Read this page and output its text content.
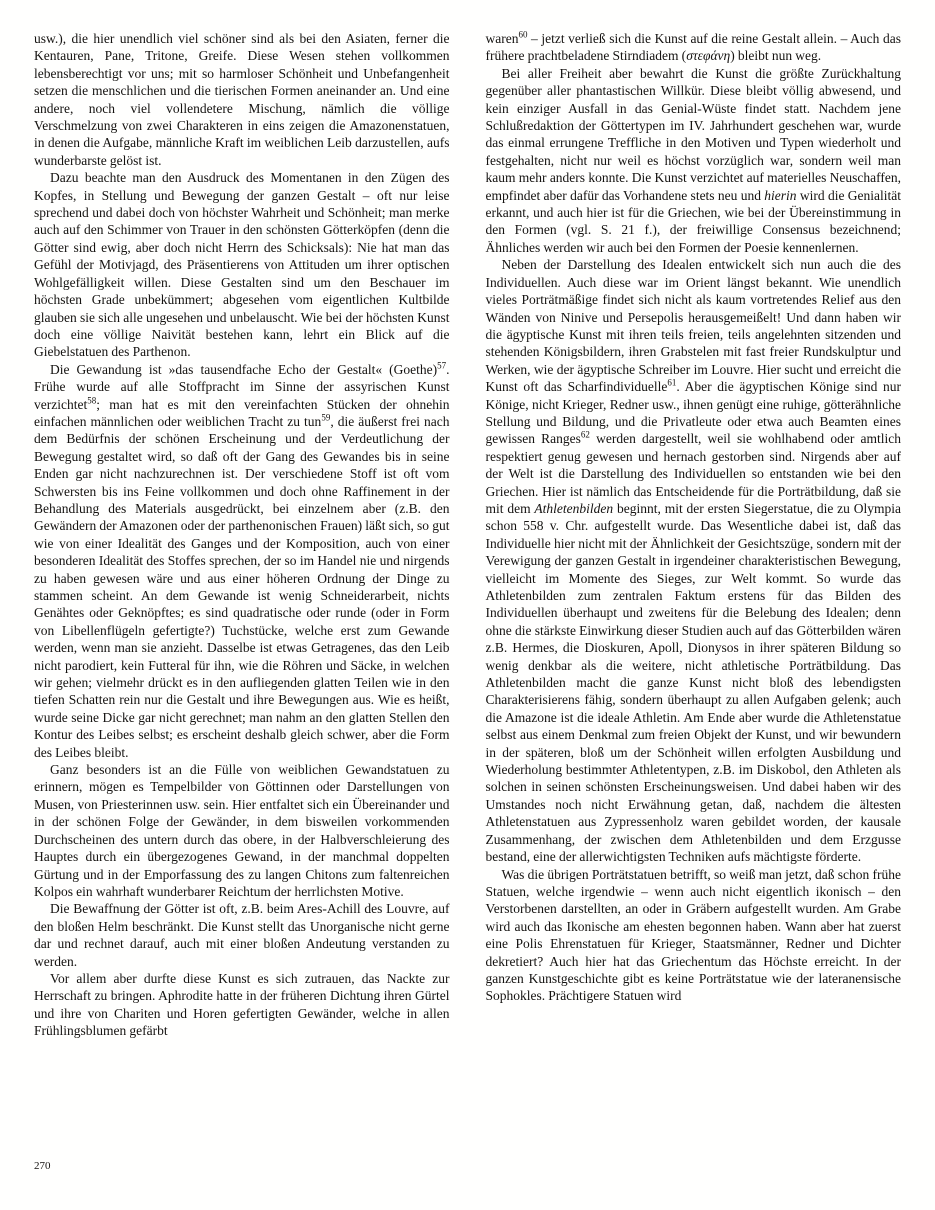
usw.), die hier unendlich viel schöner sind als bei den Asiaten, ferner die Kentauren, Pane, Tritone, Greife. Diese Wesen stehen vollkommen lebensberechtigt vor uns; mit so harmloser Schönheit und Unbefangenheit setzen die menschlichen und die tierischen Formen aneinander an. Und eine andere, noch viel vollendetere Mischung, nämlich die völlige Verschmelzung von zwei Charakteren in eins zeigen die Amazonenstatuen, in denen die Aufgabe, männliche Kraft im weiblichen Leib darzustellen, aufs wunderbarste gelöst ist.

Dazu beachte man den Ausdruck des Momentanen in den Zügen des Kopfes, in Stellung und Bewegung der ganzen Gestalt – oft nur leise sprechend und dabei doch von höchster Wahrheit und Schönheit; man merke auch auf den Schimmer von Trauer in den schönsten Götterköpfen (denn die Götter sind ewig, aber doch nicht Herrn des Schicksals): Nie hat man das Gefühl der Motivjagd, des Präsentierens von Attituden um ihrer optischen Wohlgefälligkeit willen. Diese Gestalten sind um den Beschauer im höchsten Grade unbekümmert; abgesehen vom eigentlichen Kultbilde glauben sie sich alle ungesehen und unbelauscht. Wie bei der höchsten Kunst doch eine völlige Naivität bestehen kann, lehrt ein Blick auf die Giebelstatuen des Parthenon.

Die Gewandung ist »das tausendfache Echo der Gestalt« (Goethe)$^{57}$. Frühe wurde auf alle Stoffpracht im Sinne der assyrischen Kunst verzichtet$^{58}$; man hat es mit den vereinfachten Stücken der ohnehin einfachen männlichen oder weiblichen Tracht zu tun$^{59}$, die äußerst frei nach dem Bedürfnis der schönen Erscheinung und der Verdeutlichung der Bewegung gestaltet wird, so daß oft der Gang des Gewandes bis in seine Enden gar nicht nachzurechnen ist. Der verschiedene Stoff ist oft vom Schwersten bis ins Feine vollkommen und doch ohne Raffinement in der Behandlung des Materials ausgedrückt, bei einzelnem aber (z.B. den Gewändern der Amazonen oder der parthenonischen Frauen) läßt sich, so gut wie von einer Idealität des Ganges und der Komposition, auch von einer besonderen Idealität des Stoffes sprechen, der so im Handel nie und nirgends zu haben gewesen wäre und aus einer höheren Ordnung der Dinge zu stammen scheint. An dem Gewande ist wenig Schneiderarbeit, nichts Genähtes oder Geknöpftes; es sind quadratische oder runde (oder in Form von Libellenflügeln gefertigte?) Tuchstücke, welche erst zum Gewande werden, wenn man sie anzieht. Dasselbe ist etwas Getragenes, das den Leib nicht parodiert, kein Futteral für ihn, wie die Röhren und Säcke, in welchen wir gehen; vielmehr drückt es in den aufliegenden glatten Teilen wie in den tiefen Schatten rein nur die Gestalt und ihre Bewegungen aus. Wie es heißt, wurde seine Dicke gar nicht gerechnet; man nahm an den glatten Stellen den Kontur des Leibes selbst; es erscheint deshalb gleich schwer, aber die Form des Leibes bleibt.

Ganz besonders ist an die Fülle von weiblichen Gewandstatuen zu erinnern, mögen es Tempelbilder von Göttinnen oder Darstellungen von Musen, von Priesterinnen usw. sein. Hier entfaltet sich ein Übereinander und in der schönen Folge der Gewänder, in dem bisweilen vorkommenden Durchscheinen des untern durch das obere, in der Halbverschleierung des Hauptes durch ein übergezogenes Gewand, in der manchmal doppelten Gürtung und in der Emporfassung des zu langen Chitons zum faltenreichen Kolpos ein wahrhaft wunderbarer Reichtum der herrlichsten Motive.

Die Bewaffnung der Götter ist oft, z.B. beim Ares-Achill des Louvre, auf den bloßen Helm beschränkt. Die Kunst stellt das Unorganische nicht gerne dar und rechnet darauf, auch mit einer bloßen Andeutung verstanden zu werden.

Vor allem aber durfte diese Kunst es sich zutrauen, das Nackte zur Herrschaft zu bringen. Aphrodite hatte in der früheren Dichtung ihren Gürtel und ihre von Chariten und Horen gefertigten Gewänder, welche in allen Frühlingsblumen gefärbt

waren$^{60}$ – jetzt verließ sich die Kunst auf die reine Gestalt allein. – Auch das frühere prachtbeladene Stirndiadem (στεφάνη) bleibt nun weg.

Bei aller Freiheit aber bewahrt die Kunst die größte Zurückhaltung gegenüber aller phantastischen Willkür. Diese bleibt völlig abwesend, und kein einziger Ausfall in das Genial-Wüste findet statt. Nachdem jene Schlußredaktion der Göttertypen im IV. Jahrhundert geschehen war, wurde das einmal errungene Treffliche in den Motiven und Typen wiederholt und festgehalten, nicht nur weil es höchst vorzüglich war, sondern weil man kaum mehr anders konnte. Die Kunst verzichtet auf materielles Neuschaffen, empfindet aber dafür das Vorhandene stets neu und hierin wird die Genialität erkannt, und auch hier ist für die Griechen, wie bei der Übereinstimmung in den Formen (vgl. S. 21 f.), der freiwillige Consensus bezeichnend; Ähnliches werden wir auch bei den Formen der Poesie kennenlernen.

Neben der Darstellung des Idealen entwickelt sich nun auch die des Individuellen. Auch diese war im Orient längst bekannt. Wie unendlich vieles Porträtmäßige findet sich nicht als kaum vortretendes Relief aus den Wänden von Ninive und Persepolis herausgemeißelt! Und dann haben wir die ägyptische Kunst mit ihren teils freien, teils angelehnten sitzenden und stehenden Königsbildern, ihren Grabstelen mit fast freier Rundskulptur und Werken, wie der ägyptische Schreiber im Louvre. Hier sucht und erreicht die Kunst oft das Scharfindividuelle$^{61}$. Aber die ägyptischen Könige sind nur Könige, nicht Krieger, Redner usw., ihnen genügt eine ruhige, götterähnliche Stellung und Bildung, und die Privatleute oder etwa auch Beamten eines gewissen Ranges$^{62}$ werden dargestellt, weil sie wohlhabend oder amtlich respektiert genug gewesen und hernach gestorben sind. Nirgends aber auf der Welt ist die Darstellung des Individuellen so entstanden wie bei den Griechen. Hier ist nämlich das Entscheidende für die Porträtbildung, daß sie mit dem Athletenbilden beginnt, mit der ersten Siegerstatue, die zu Olympia schon 558 v. Chr. aufgestellt wurde. Das Wesentliche dabei ist, daß das Individuelle hier nicht mit der Ähnlichkeit der Gesichtszüge, sondern mit der Verewigung der ganzen Gestalt in irgendeiner charakteristischen Bewegung, vielleicht im Momente des Sieges, zur Welt kommt. So wurde das Athletenbilden zum zentralen Faktum erstens für das Bilden des Individuellen überhaupt und zweitens für die Belebung des Idealen; denn ohne die stärkste Einwirkung dieser Studien auch auf das Götterbilden wären z.B. Hermes, die Dioskuren, Apoll, Dionysos in ihrer späteren Bildung so wenig denkbar als die weitere, nicht athletische Porträtbildung. Das Athletenbilden macht die ganze Kunst nicht bloß des lebendigsten Charakterisierens fähig, sondern überhaupt zu allen Aufgaben gelenk; auch die Amazone ist die ideale Athletin. Am Ende aber wurde die Athletenstatue selbst aus einem Denkmal zum freien Objekt der Kunst, und wir bewundern in der späteren, bloß um der Schönheit willen erfolgten Ausbildung und Wiederholung bestimmter Athletentypen, z.B. im Diskobol, den Athleten als solchen in seinen schönsten Erscheinungsweisen. Und dabei haben wir des Umstandes noch nicht Erwähnung getan, daß, nachdem die ältesten Athletenstatuen aus Zypressenholz waren gebildet worden, der kausale Zusammenhang, der zwischen dem Athletenbilden und dem Erzgusse bestand, eine der allerwichtigsten Techniken aufs mächtigste förderte.

Was die übrigen Porträtstatuen betrifft, so weiß man jetzt, daß schon frühe Statuen, welche irgendwie – wenn auch nicht eigentlich ikonisch – den Verstorbenen darstellten, an oder in Gräbern aufgestellt wurden. Am Grabe wird auch das Ikonische am ehesten begonnen haben. Wann aber hat zuerst eine Polis Ehrenstatuen für Krieger, Staatsmänner, Redner und Dichter dekretiert? Auch hier hat das Griechentum das Höchste erreicht. In der ganzen Kunstgeschichte gibt es keine Porträtstatue wie der lateranensische Sophokles. Prächtigere Statuen wird

270
